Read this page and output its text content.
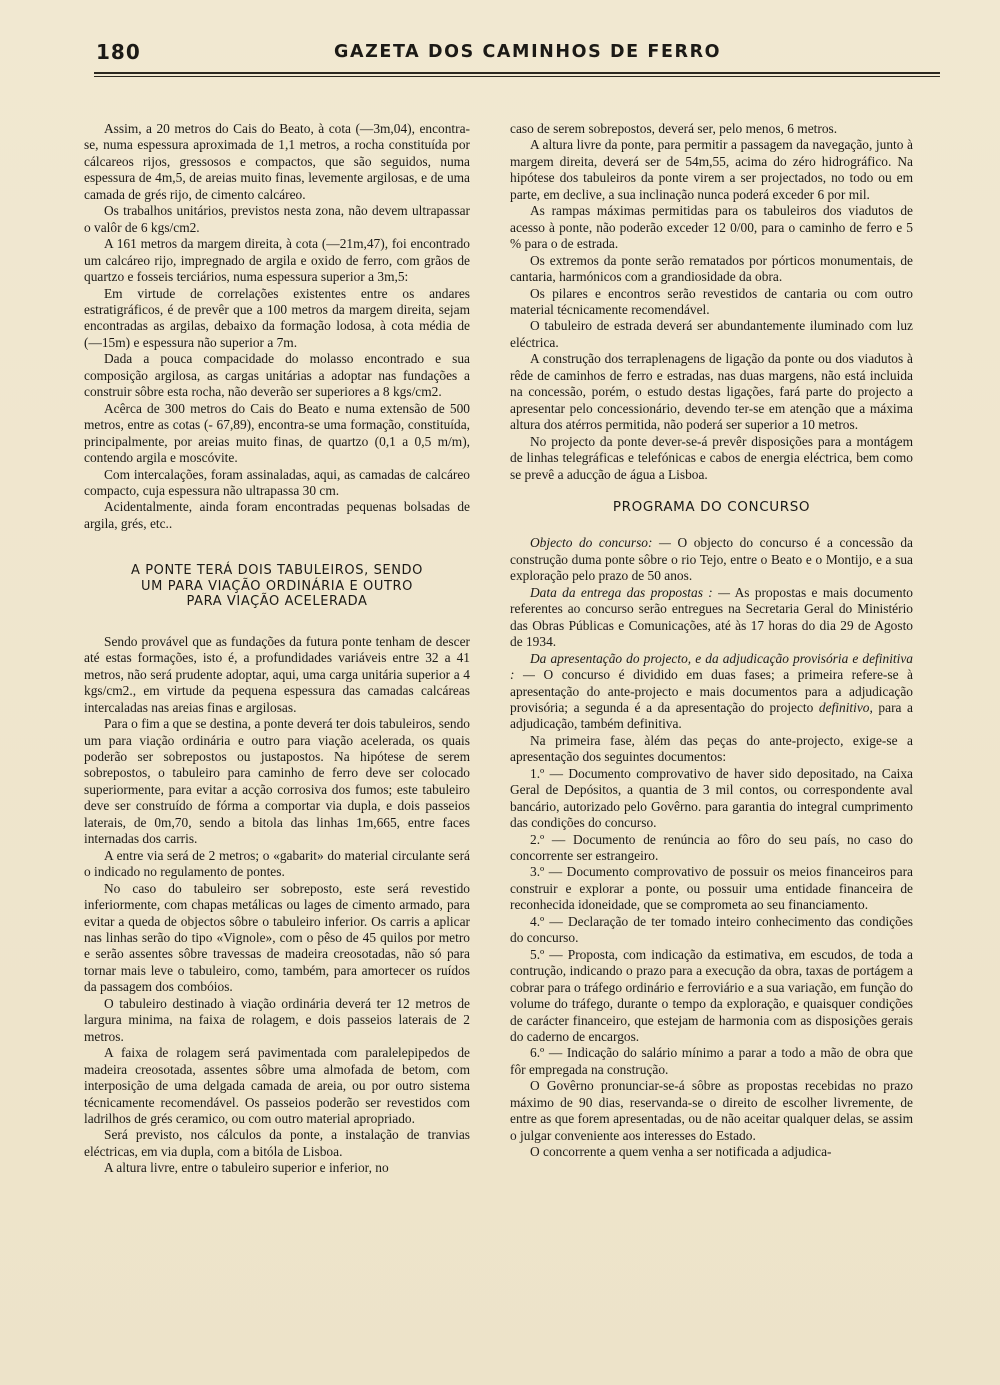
180	GAZETA DOS CAMINHOS DE FERRO

Assim, a 20 metros do Cais do Beato, à cota (—3m,04), encontra-se, numa espessura aproximada de 1,1 metros, a rocha constituída por cálcareos rijos, gressosos e compactos, que são seguidos, numa espessura de 4m,5, de areias muito finas, levemente argilosas, e de uma camada de grés rijo, de cimento calcáreo.

Os trabalhos unitários, previstos nesta zona, não devem ultrapassar o valôr de 6 kgs/cm2.

A 161 metros da margem direita, à cota (—21m,47), foi encontrado um calcáreo rijo, impregnado de argila e oxido de ferro, com grãos de quartzo e fosseis terciários, numa espessura superior a 3m,5:

Em virtude de correlações existentes entre os andares estratigráficos, é de prevêr que a 100 metros da margem direita, sejam encontradas as argilas, debaixo da formação lodosa, à cota média de (—15m) e espessura não superior a 7m.

Dada a pouca compacidade do molasso encontrado e sua composição argilosa, as cargas unitárias a adoptar nas fundações a construir sôbre esta rocha, não deverão ser superiores a 8 kgs/cm2.

Acêrca de 300 metros do Cais do Beato e numa extensão de 500 metros, entre as cotas (- 67,89), encontra-se uma formação, constituída, principalmente, por areias muito finas, de quartzo (0,1 a 0,5 m/m), contendo argila e moscóvite.

Com intercalações, foram assinaladas, aqui, as camadas de calcáreo compacto, cuja espessura não ultrapassa 30 cm.

Acidentalmente, ainda foram encontradas pequenas bolsadas de argila, grés, etc..

A PONTE TERÁ DOIS TABULEIROS, SENDO
UM PARA VIAÇÃO ORDINÁRIA E OUTRO
PARA VIAÇÃO ACELERADA

Sendo provável que as fundações da futura ponte tenham de descer até estas formações, isto é, a profundidades variáveis entre 32 a 41 metros, não será prudente adoptar, aqui, uma carga unitária superior a 4 kgs/cm2., em virtude da pequena espessura das camadas calcáreas intercaladas nas areias finas e argilosas.

Para o fim a que se destina, a ponte deverá ter dois tabuleiros, sendo um para viação ordinária e outro para viação acelerada, os quais poderão ser sobrepostos ou justapostos. Na hipótese de serem sobrepostos, o tabuleiro para caminho de ferro deve ser colocado superiormente, para evitar a acção corrosiva dos fumos; este tabuleiro deve ser construído de fórma a comportar via dupla, e dois passeios laterais, de 0m,70, sendo a bitola das linhas 1m,665, entre faces internadas dos carris.

A entre via será de 2 metros; o «gabarit» do material circulante será o indicado no regulamento de pontes.

No caso do tabuleiro ser sobreposto, este será revestido inferiormente, com chapas metálicas ou lages de cimento armado, para evitar a queda de objectos sôbre o tabuleiro inferior. Os carris a aplicar nas linhas serão do tipo «Vignole», com o pêso de 45 quilos por metro e serão assentes sôbre travessas de madeira creosotadas, não só para tornar mais leve o tabuleiro, como, também, para amortecer os ruídos da passagem dos combóios.

O tabuleiro destinado à viação ordinária deverá ter 12 metros de largura minima, na faixa de rolagem, e dois passeios laterais de 2 metros.

A faixa de rolagem será pavimentada com paralelepipedos de madeira creosotada, assentes sôbre uma almofada de betom, com interposição de uma delgada camada de areia, ou por outro sistema técnicamente recomendável. Os passeios poderão ser revestidos com ladrilhos de grés ceramico, ou com outro material apropriado.

Será previsto, nos cálculos da ponte, a instalação de tranvias eléctricas, em via dupla, com a bitóla de Lisboa.

A altura livre, entre o tabuleiro superior e inferior, no

caso de serem sobrepostos, deverá ser, pelo menos, 6 metros.

A altura livre da ponte, para permitir a passagem da navegação, junto à margem direita, deverá ser de 54m,55, acima do zéro hidrográfico. Na hipótese dos tabuleiros da ponte virem a ser projectados, no todo ou em parte, em declive, a sua inclinação nunca poderá exceder 6 por mil.

As rampas máximas permitidas para os tabuleiros dos viadutos de acesso à ponte, não poderão exceder 12 0/00, para o caminho de ferro e 5 % para o de estrada.

Os extremos da ponte serão rematados por pórticos monumentais, de cantaria, harmónicos com a grandiosidade da obra.

Os pilares e encontros serão revestidos de cantaria ou com outro material técnicamente recomendável.

O tabuleiro de estrada deverá ser abundantemente iluminado com luz eléctrica.

A construção dos terraplenagens de ligação da ponte ou dos viadutos à rêde de caminhos de ferro e estradas, nas duas margens, não está incluida na concessão, porém, o estudo destas ligações, fará parte do projecto a apresentar pelo concessionário, devendo ter-se em atenção que a máxima altura dos atérros permitida, não poderá ser superior a 10 metros.

No projecto da ponte dever-se-á prevêr disposições para a montágem de linhas telegráficas e telefónicas e cabos de energia eléctrica, bem como se prevê a aducção de água a Lisboa.

PROGRAMA DO CONCURSO

Objecto do concurso: — O objecto do concurso é a concessão da construção duma ponte sôbre o rio Tejo, entre o Beato e o Montijo, e a sua exploração pelo prazo de 50 anos.

Data da entrega das propostas : — As propostas e mais documento referentes ao concurso serão entregues na Secretaria Geral do Ministério das Obras Públicas e Comunicações, até às 17 horas do dia 29 de Agosto de 1934.

Da apresentação do projecto, e da adjudicação provisória e definitiva : — O concurso é dividido em duas fases; a primeira refere-se à apresentação do ante-projecto e mais documentos para a adjudicação provisória; a segunda é a da apresentação do projecto definitivo, para a adjudicação, também definitiva.

Na primeira fase, àlém das peças do ante-projecto, exige-se a apresentação dos seguintes documentos:

1.º — Documento comprovativo de haver sido depositado, na Caixa Geral de Depósitos, a quantia de 3 mil contos, ou correspondente aval bancário, autorizado pelo Govêrno. para garantia do integral cumprimento das condições do concurso.

2.º — Documento de renúncia ao fôro do seu país, no caso do concorrente ser estrangeiro.

3.º — Documento comprovativo de possuir os meios financeiros para construir e explorar a ponte, ou possuir uma entidade financeira de reconhecida idoneidade, que se comprometa ao seu financiamento.

4.º — Declaração de ter tomado inteiro conhecimento das condições do concurso.

5.º — Proposta, com indicação da estimativa, em escudos, de toda a contrução, indicando o prazo para a execução da obra, taxas de portágem a cobrar para o tráfego ordinário e ferroviário e a sua variação, em função do volume do tráfego, durante o tempo da exploração, e quaisquer condições de carácter financeiro, que estejam de harmonia com as disposições gerais do caderno de encargos.

6.º — Indicação do salário mínimo a parar a todo a mão de obra que fôr empregada na construção.

O Govêrno pronunciar-se-á sôbre as propostas recebidas no prazo máximo de 90 dias, reservanda-se o direito de escolher livremente, de entre as que forem apresentadas, ou de não aceitar qualquer delas, se assim o julgar conveniente aos interesses do Estado.

O concorrente a quem venha a ser notificada a adjudica-
